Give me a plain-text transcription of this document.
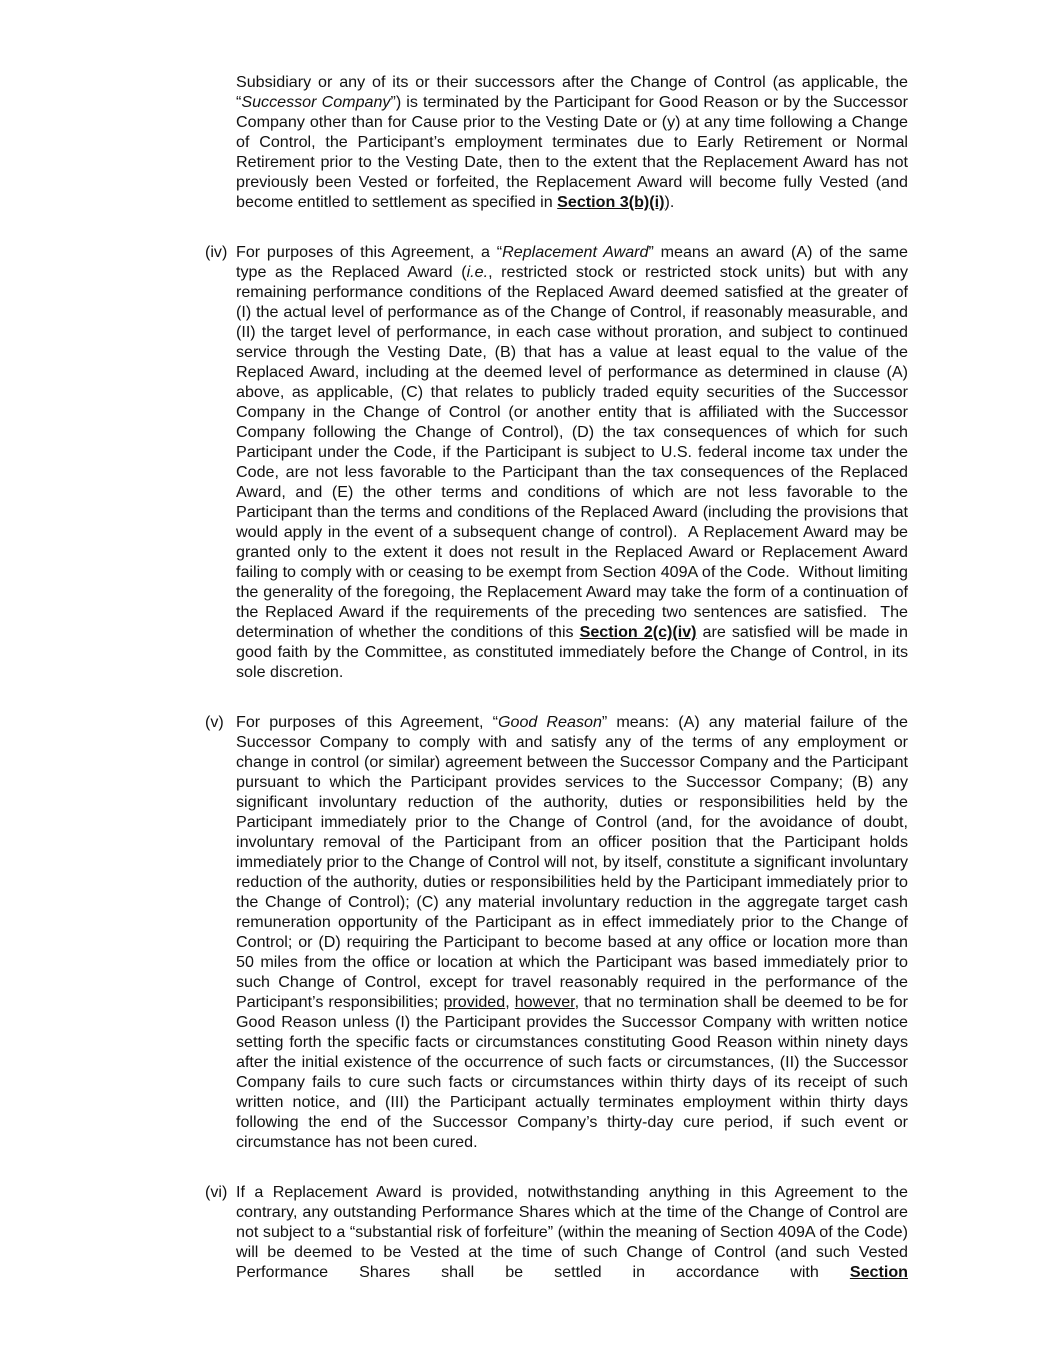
Subsidiary or any of its or their successors after the Change of Control (as applicable, the “Successor Company”) is terminated by the Participant for Good Reason or by the Successor Company other than for Cause prior to the Vesting Date or (y) at any time following a Change of Control, the Participant’s employment terminates due to Early Retirement or Normal Retirement prior to the Vesting Date, then to the extent that the Replacement Award has not previously been Vested or forfeited, the Replacement Award will become fully Vested (and become entitled to settlement as specified in Section 3(b)(i)).
(iv) For purposes of this Agreement, a “Replacement Award” means an award (A) of the same type as the Replaced Award (i.e., restricted stock or restricted stock units) but with any remaining performance conditions of the Replaced Award deemed satisfied at the greater of (I) the actual level of performance as of the Change of Control, if reasonably measurable, and (II) the target level of performance, in each case without proration, and subject to continued service through the Vesting Date, (B) that has a value at least equal to the value of the Replaced Award, including at the deemed level of performance as determined in clause (A) above, as applicable, (C) that relates to publicly traded equity securities of the Successor Company in the Change of Control (or another entity that is affiliated with the Successor Company following the Change of Control), (D) the tax consequences of which for such Participant under the Code, if the Participant is subject to U.S. federal income tax under the Code, are not less favorable to the Participant than the tax consequences of the Replaced Award, and (E) the other terms and conditions of which are not less favorable to the Participant than the terms and conditions of the Replaced Award (including the provisions that would apply in the event of a subsequent change of control).  A Replacement Award may be granted only to the extent it does not result in the Replaced Award or Replacement Award failing to comply with or ceasing to be exempt from Section 409A of the Code.  Without limiting the generality of the foregoing, the Replacement Award may take the form of a continuation of the Replaced Award if the requirements of the preceding two sentences are satisfied.  The determination of whether the conditions of this Section 2(c)(iv) are satisfied will be made in good faith by the Committee, as constituted immediately before the Change of Control, in its sole discretion.
(v) For purposes of this Agreement, “Good Reason” means: (A) any material failure of the Successor Company to comply with and satisfy any of the terms of any employment or change in control (or similar) agreement between the Successor Company and the Participant pursuant to which the Participant provides services to the Successor Company; (B) any significant involuntary reduction of the authority, duties or responsibilities held by the Participant immediately prior to the Change of Control (and, for the avoidance of doubt, involuntary removal of the Participant from an officer position that the Participant holds immediately prior to the Change of Control will not, by itself, constitute a significant involuntary reduction of the authority, duties or responsibilities held by the Participant immediately prior to the Change of Control); (C) any material involuntary reduction in the aggregate target cash remuneration opportunity of the Participant as in effect immediately prior to the Change of Control; or (D) requiring the Participant to become based at any office or location more than 50 miles from the office or location at which the Participant was based immediately prior to such Change of Control, except for travel reasonably required in the performance of the Participant’s responsibilities; provided, however, that no termination shall be deemed to be for Good Reason unless (I) the Participant provides the Successor Company with written notice setting forth the specific facts or circumstances constituting Good Reason within ninety days after the initial existence of the occurrence of such facts or circumstances, (II) the Successor Company fails to cure such facts or circumstances within thirty days of its receipt of such written notice, and (III) the Participant actually terminates employment within thirty days following the end of the Successor Company’s thirty-day cure period, if such event or circumstance has not been cured.
(vi) If a Replacement Award is provided, notwithstanding anything in this Agreement to the contrary, any outstanding Performance Shares which at the time of the Change of Control are not subject to a “substantial risk of forfeiture” (within the meaning of Section 409A of the Code) will be deemed to be Vested at the time of such Change of Control (and such Vested Performance Shares shall be settled in accordance with Section
